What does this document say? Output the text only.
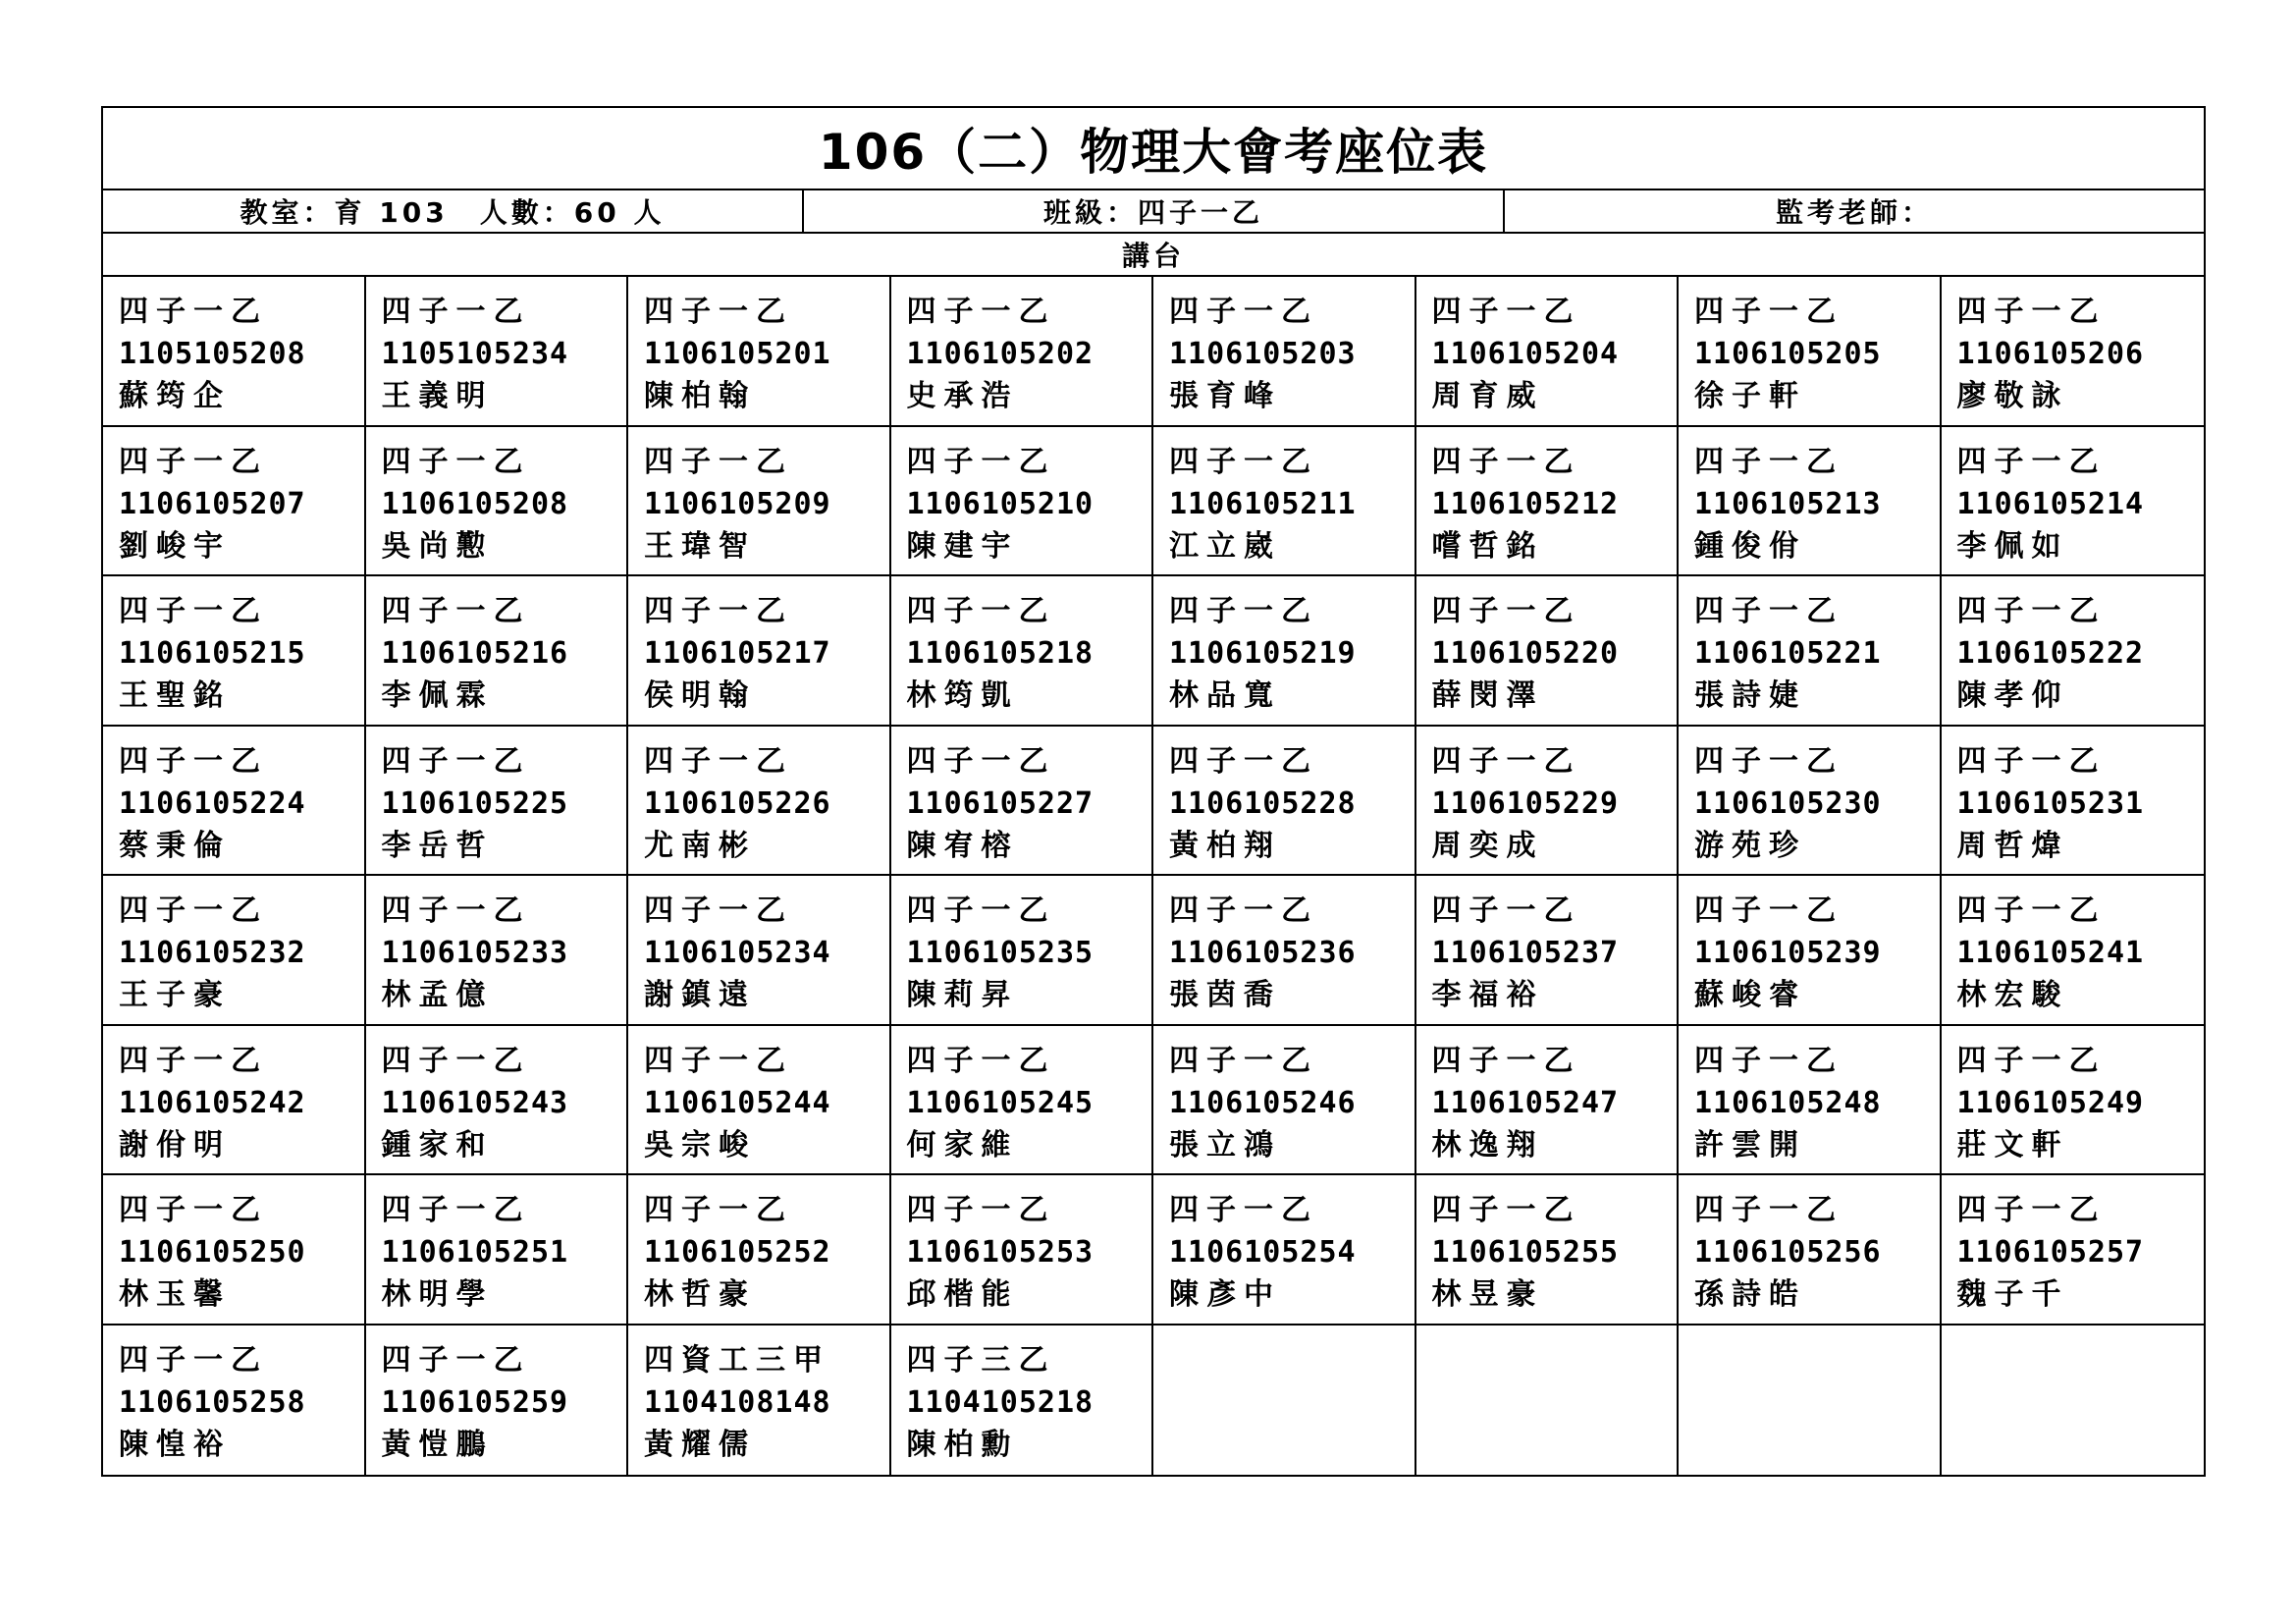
106（二）物理大會考座位表
教室：育 103　人數：60 人	班級：四子一乙	監考老師：
講台
四子一乙
1105105208
蘇筠企
四子一乙
1105105234
王義明
四子一乙
1106105201
陳柏翰
四子一乙
1106105202
史承浩
四子一乙
1106105203
張育峰
四子一乙
1106105204
周育威
四子一乙
1106105205
徐子軒
四子一乙
1106105206
廖敬詠
四子一乙
1106105207
劉峻宇
四子一乙
1106105208
吳尚懃
四子一乙
1106105209
王瑋智
四子一乙
1106105210
陳建宇
四子一乙
1106105211
江立崴
四子一乙
1106105212
嚐哲銘
四子一乙
1106105213
鍾俊佾
四子一乙
1106105214
李佩如
四子一乙
1106105215
王聖銘
四子一乙
1106105216
李佩霖
四子一乙
1106105217
侯明翰
四子一乙
1106105218
林筠凱
四子一乙
1106105219
林品寬
四子一乙
1106105220
薛閔澤
四子一乙
1106105221
張詩婕
四子一乙
1106105222
陳孝仰
四子一乙
1106105224
蔡秉倫
四子一乙
1106105225
李岳哲
四子一乙
1106105226
尤南彬
四子一乙
1106105227
陳宥榕
四子一乙
1106105228
黃柏翔
四子一乙
1106105229
周奕成
四子一乙
1106105230
游苑珍
四子一乙
1106105231
周哲煒
四子一乙
1106105232
王子豪
四子一乙
1106105233
林孟億
四子一乙
1106105234
謝鎮遠
四子一乙
1106105235
陳莉昇
四子一乙
1106105236
張茵喬
四子一乙
1106105237
李福裕
四子一乙
1106105239
蘇峻睿
四子一乙
1106105241
林宏駿
四子一乙
1106105242
謝佾明
四子一乙
1106105243
鍾家和
四子一乙
1106105244
吳宗峻
四子一乙
1106105245
何家維
四子一乙
1106105246
張立鴻
四子一乙
1106105247
林逸翔
四子一乙
1106105248
許雲開
四子一乙
1106105249
莊文軒
四子一乙
1106105250
林玉馨
四子一乙
1106105251
林明學
四子一乙
1106105252
林哲豪
四子一乙
1106105253
邱楷能
四子一乙
1106105254
陳彥中
四子一乙
1106105255
林昱豪
四子一乙
1106105256
孫詩皓
四子一乙
1106105257
魏子千
四子一乙
1106105258
陳惶裕
四子一乙
1106105259
黃愷鵬
四資工三甲
1104108148
黃耀儒
四子三乙
1104105218
陳柏勳
